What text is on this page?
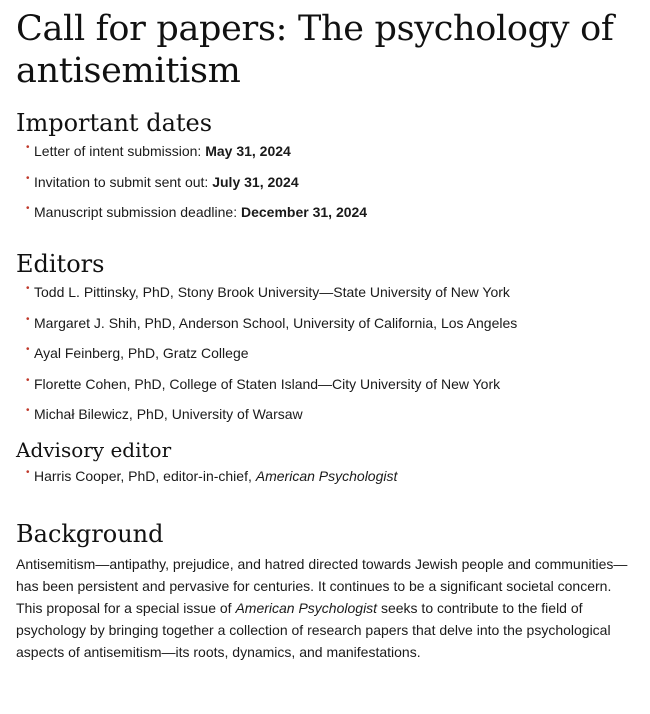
Call for papers: The psychology of antisemitism
Important dates
• Letter of intent submission: May 31, 2024
• Invitation to submit sent out: July 31, 2024
• Manuscript submission deadline: December 31, 2024
Editors
• Todd L. Pittinsky, PhD, Stony Brook University—State University of New York
• Margaret J. Shih, PhD, Anderson School, University of California, Los Angeles
• Ayal Feinberg, PhD, Gratz College
• Florette Cohen, PhD, College of Staten Island—City University of New York
• Michał Bilewicz, PhD, University of Warsaw
Advisory editor
• Harris Cooper, PhD, editor-in-chief, American Psychologist
Background

Antisemitism—antipathy, prejudice, and hatred directed towards Jewish people and communities—has been persistent and pervasive for centuries. It continues to be a significant societal concern. This proposal for a special issue of American Psychologist seeks to contribute to the field of psychology by bringing together a collection of research papers that delve into the psychological aspects of antisemitism—its roots, dynamics, and manifestations.
